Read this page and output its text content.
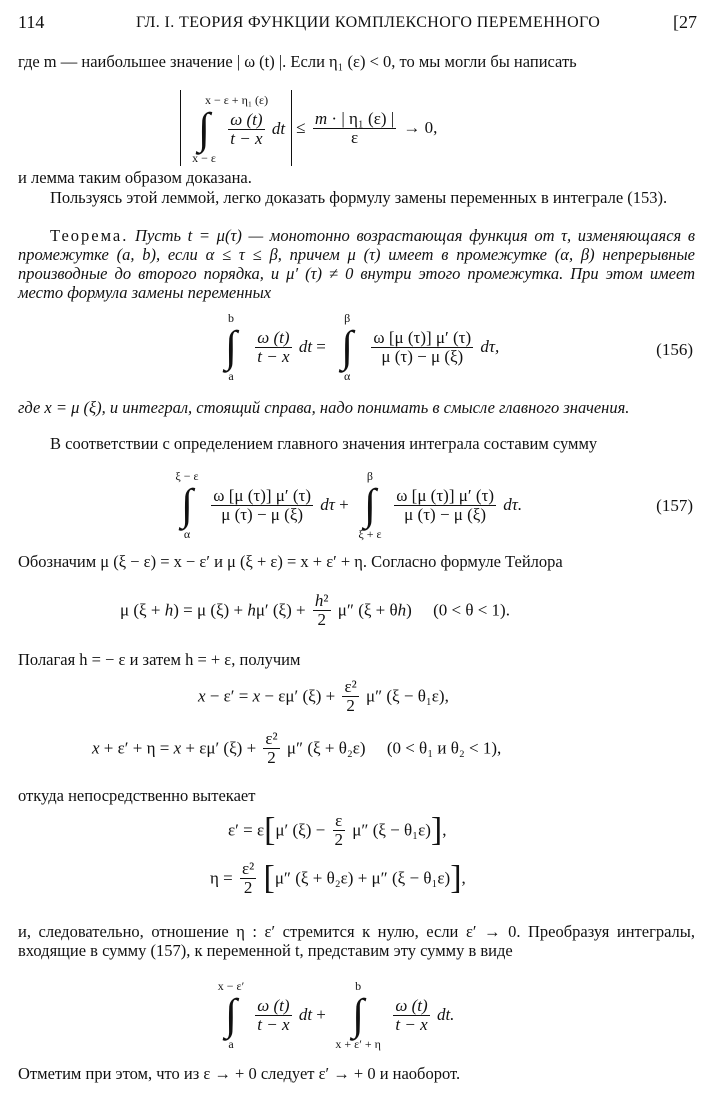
114	ГЛ. I. ТЕОРИЯ ФУНКЦИИ КОМПЛЕКСНОГО ПЕРЕМЕННОГО	[27
где m — наибольшее значение | ω (t) |. Если η₁ (ε) < 0, то мы могли бы написать
x − ε + η₁ (ε)
∫
x − ε

$\frac{\omega (t)}{t - x}$ dt ≤ $\frac{\text{m · | η₁ (ε) |}}{\varepsilon} \to 0$,
и лемма таким образом доказана.
Пользуясь этой леммой, легко доказать формулу замены переменных в интеграле (153).
Теорема. Пусть t = μ(τ) — монотонно возрастающая функция от τ, изменяющаяся в промежутке (a, b), если α ≤ τ ≤ β, причем μ (τ) имеет в промежутке (α, β) непрерывные производные до второго порядка, и μ′ (τ) ≠ 0 внутри этого промежутка. При этом имеет место формула замены переменных
b
∫
a

$\frac{\omega (t)}{t - x}$ dt =
β
∫
α

$\frac{\omega [\mu (\tau)] \mu' (\tau)}{\mu (\tau) - \mu (\xi)} d\tau$,	(156)
где x = μ (ξ), и интеграл, стоящий справа, надо понимать в смысле главного значения.
В соответствии с определением главного значения интеграла составим сумму
ξ − ε
∫
α

$\frac{\omega [\mu (\tau)] \mu' (\tau)}{\mu (\tau) - \mu (\xi)}$ dτ +
β
∫
ξ + ε

$\frac{\omega [\mu (\tau)] \mu' (\tau)}{\mu (\tau) - \mu (\xi)} d\tau$.	(157)
Обозначим μ (ξ − ε) = x − ε′ и μ (ξ + ε) = x + ε′ + η. Согласно формуле Тейлора
μ (ξ + h) = μ (ξ) + hμ′ $(\xi) + \frac{\text{h²}}{2} \mu''$ (ξ + θh)     (0 < θ < 1).
Полагая h = − ε и затем h = + ε, получим
x − ε′ = x − εμ′ $(\xi) + \frac{\text{ε²}}{2} \mu''$ (ξ − θ₁ε),
x + ε′ + η = x + εμ′ $(\xi) + \frac{\text{ε²}}{2} \mu''$ (ξ + θ₂ε)     (0 < θ₁ и θ₂ < 1),
откуда непосредственно вытекает
ε′ = ε[μ′ $(\xi) - \frac{\varepsilon}{2} \mu''$ (ξ − θ₁ε)],
$\eta = \frac{\text{ε²}}{2} [\mu''$ (ξ + θ₂ε) + μ″ (ξ − θ₁ε)],
и, следовательно, отношение η : ε′ стремится к нулю, если ε′ → 0. Преобразуя интегралы, входящие в сумму (157), к переменной t, представим эту сумму в виде
x − ε′
∫
a

$\frac{\omega (t)}{t - x}$ dt +
b
∫
x + ε′ + η

$\frac{\omega (t)}{t - x}$ dt.
Отметим при этом, что из ε → + 0 следует ε′ → + 0 и наоборот.
